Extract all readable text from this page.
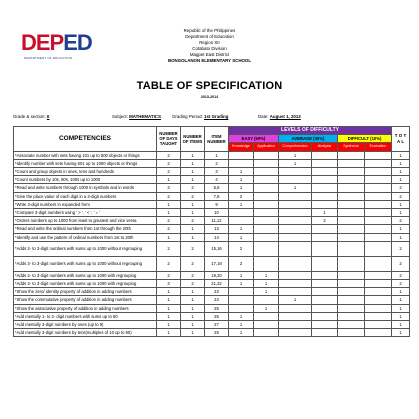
DEPED
DEPARTMENT OF EDUCATION
Republic of the Philippines
Department of Education
Region XII
Cotabato Division
Magpet East District
BONGOLANON ELEMENTARY SCHOOL
TABLE OF SPECIFICATION
2013-2014
Grade & section: II	Subject: MATHEMATICS	Grading Period: 1st Grading	Date: August 1, 2013
COMPETENCIES	NUMBER OF DAYS TAUGHT	NUMBER OF ITEMS	ITEM NUMBER	LEVELS OF DIFFICULTY						T O T A L
				EASY (60%)		AVERAGE (30%)		DIFFICULT (10%)		
				Knowledge	Application	Comprehension	Analysis	Synthesis	Evaluation	
*Associate number with sets having 101 up to 500 objects or things	2	1	1			1				1
*Identify number with sets having 501 up to 1000 objects or things	2	1	2			1				1
*Count and group objects in ones, tens and hundreds	2	1	3	1						1
*Count numbers by 10s, 50s, 100s up to 1000	1	1	4	1						1
*Read and write numbers through 1000 in symbols and in words	3	2	5,6	1		1				2
*Give the place value of each digit in a 3-digit numbers	2	2	7,8	2						2
*Write 3-digit numbers in expanded form	1	1	9	1						1
*Compare 3-digit numbers using ' > ', ' < ', ' = '	1	1	10				1			1
*Orders numbers up to 1000 from least to greatest and vice versa	2	2	11,12				2			2
*Read and write the ordinal numbers from 1st through the 20th	2	1	13	1						1
*Identify and use the pattern of ordinal numbers from 1st to 20th	1	1	14	1						1
*Adds 2- to 3-digit numbers with sums up to 1000 without regrouping	2	2	15,16	2						2
*Adds 3- to 3-digit numbers with sums up to 1000 without regrouping	2	2	17,18	2						2
*Adds 2- to 3-digit numbers with sums up to 1000 with regrouping	2	2	19,20	1	1					2
*Adds 3- to 3-digit numbers with sums up to 1000 with regrouping	3	2	21,22	1	1					2
*Show the zero/ identity property of addition in adding numbers	1	1	23		1					1
*Show the commutative property of addition in adding numbers	1	1	24			1				1
*Show the associative property of addition in adding numbers	1	1	25		1					1
*Add mentally 1- to 2- digit numbers with sums up to 50	1	1	26	1						1
*Add mentally 3-digit numbers by ones (up to 9)	1	1	27	1						1
*Add mentally 3-digit numbers by tens(multiples of 10 up to 90)	1	1	28	1						1
